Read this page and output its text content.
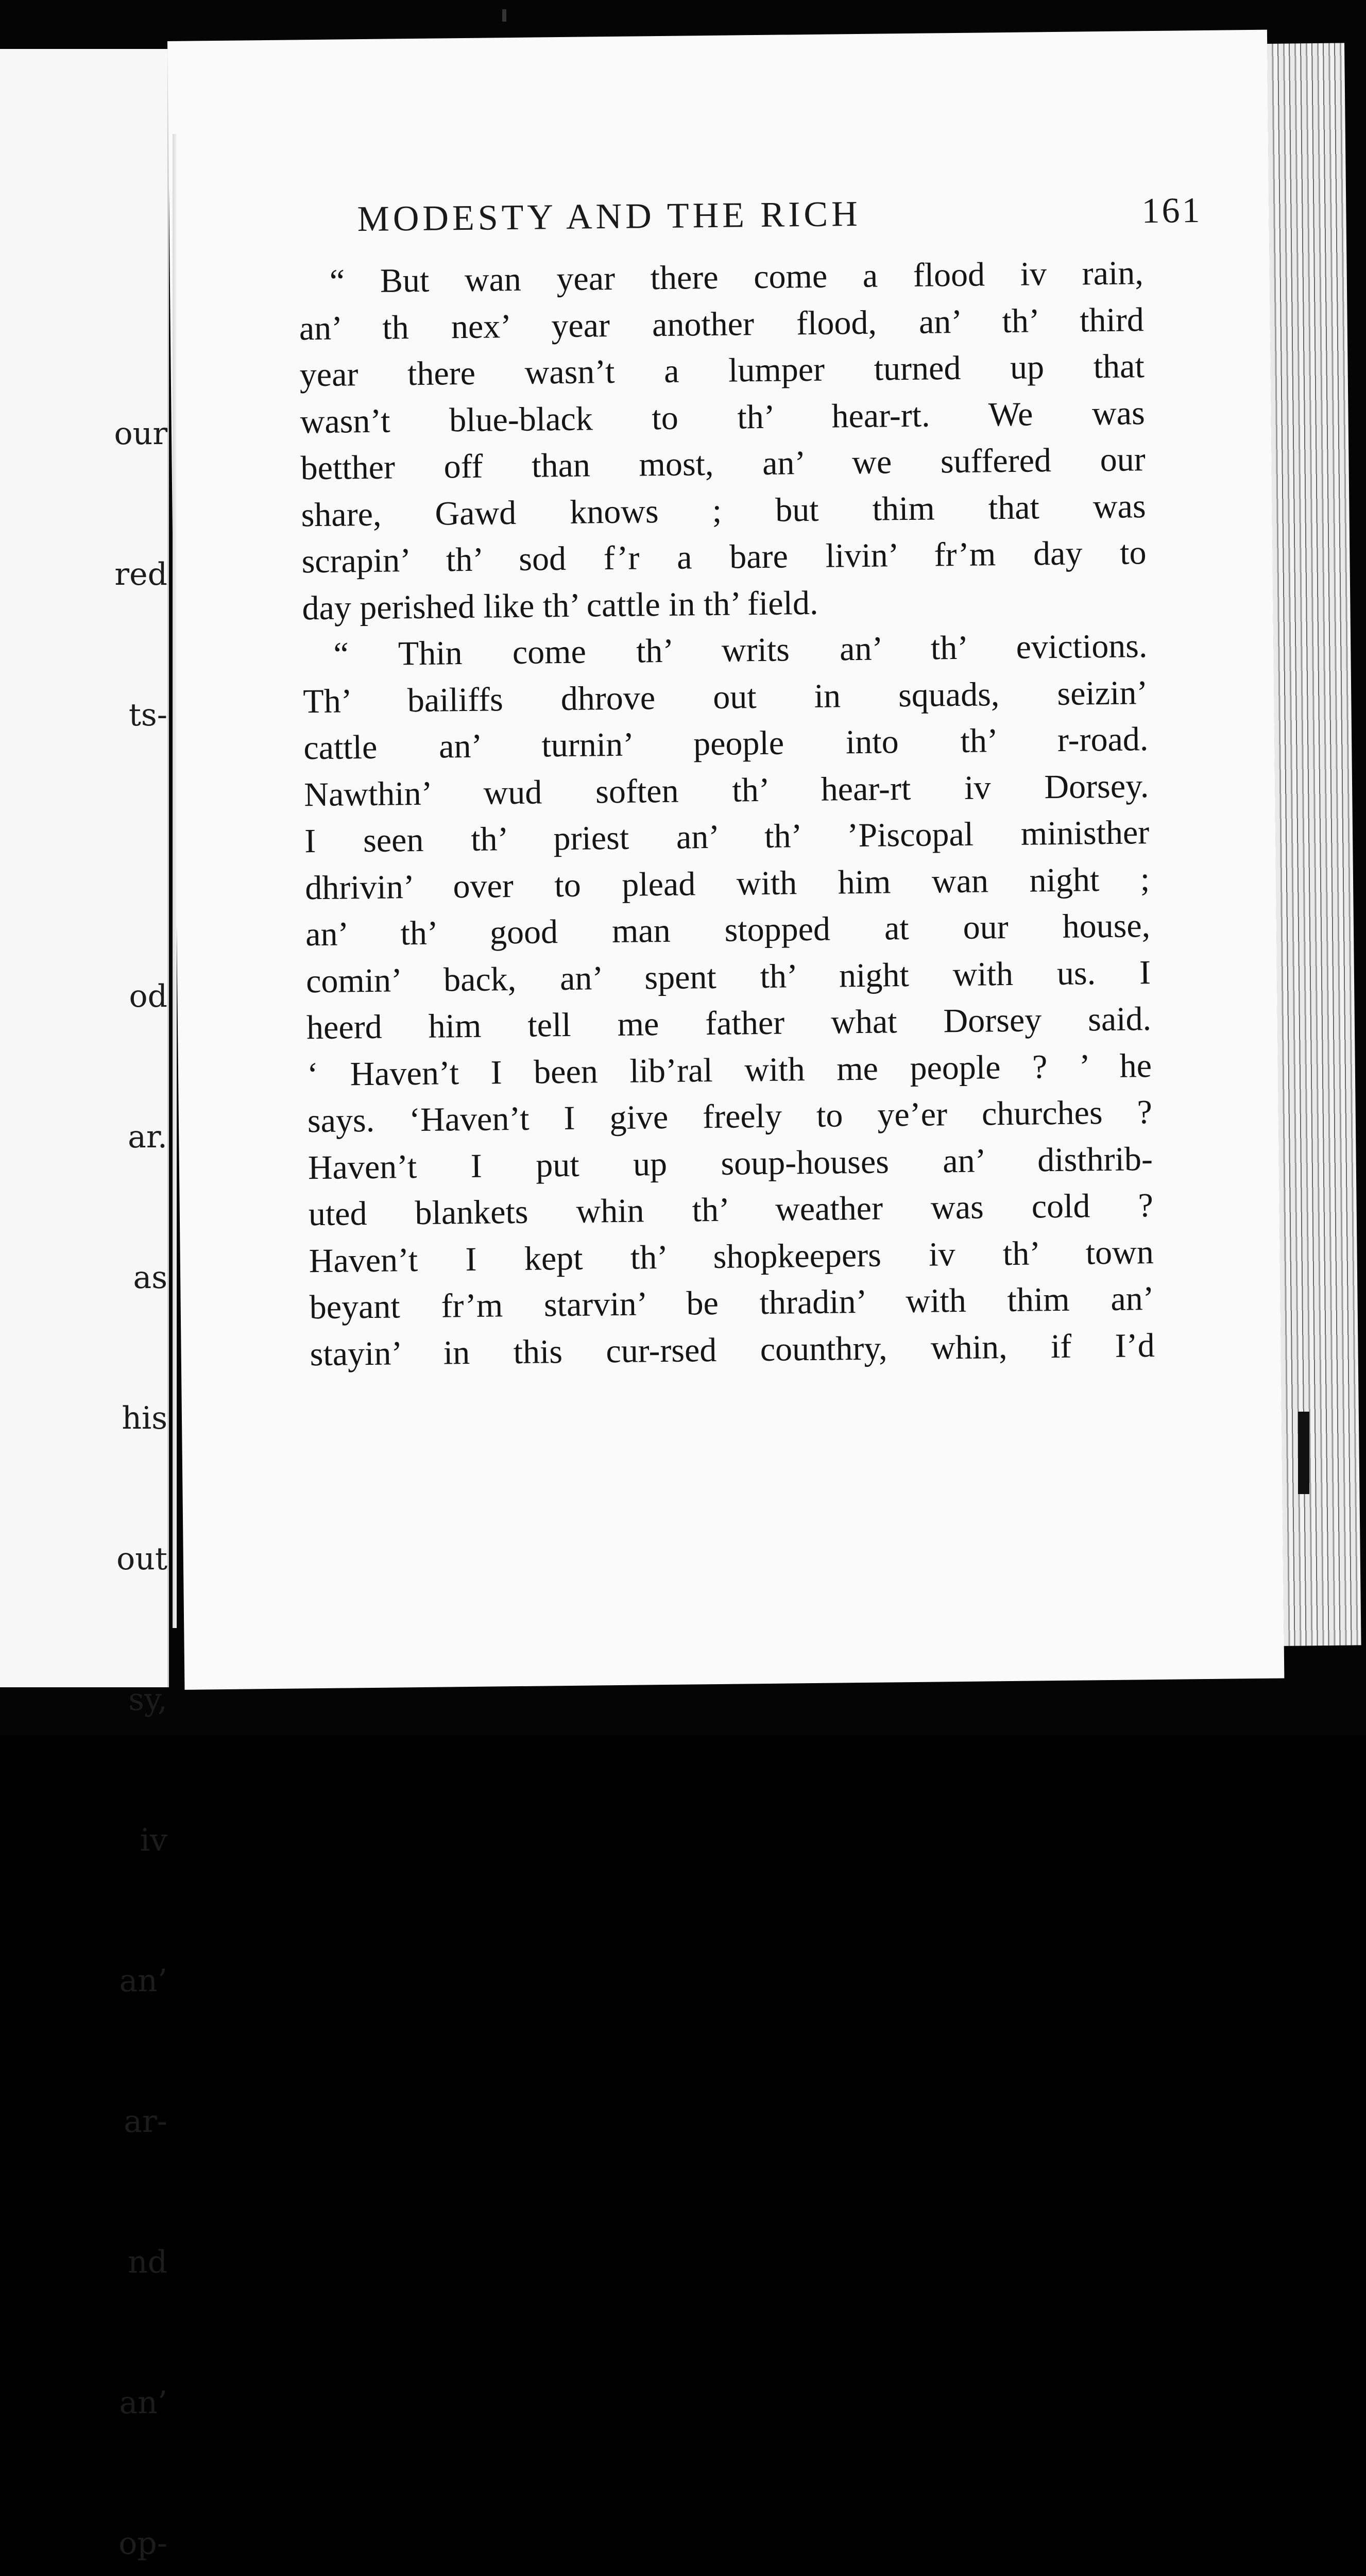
our

red

ts-

od

ar.

as

his

out

sy,

iv

an’

ar-

nd

an’

op-

MODESTY AND THE RICH	161
“ But wan year there come a flood iv rain,
an’ th nex’ year another flood, an’ th’ third
year there wasn’t a lumper turned up that
wasn’t blue-black to th’ hear-rt. We was
betther off than most, an’ we suffered our
share, Gawd knows ; but thim that was
scrapin’ th’ sod f’r a bare livin’ fr’m day to
day perished like th’ cattle in th’ field.
“ Thin come th’ writs an’ th’ evictions.
Th’ bailiffs dhrove out in squads, seizin’
cattle an’ turnin’ people into th’ r-road.
Nawthin’ wud soften th’ hear-rt iv Dorsey.
I seen th’ priest an’ th’ ’Piscopal ministher
dhrivin’ over to plead with him wan night ;
an’ th’ good man stopped at our house,
comin’ back, an’ spent th’ night with us. I
heerd him tell me father what Dorsey said.
‘ Haven’t I been lib’ral with me people ? ’ he
says. ‘Haven’t I give freely to ye’er churches ?
Haven’t I put up soup-houses an’ disthrib-
uted blankets whin th’ weather was cold ?
Haven’t I kept th’ shopkeepers iv th’ town
beyant fr’m starvin’ be thradin’ with thim an’
stayin’ in this cur-rsed counthry, whin, if I’d
